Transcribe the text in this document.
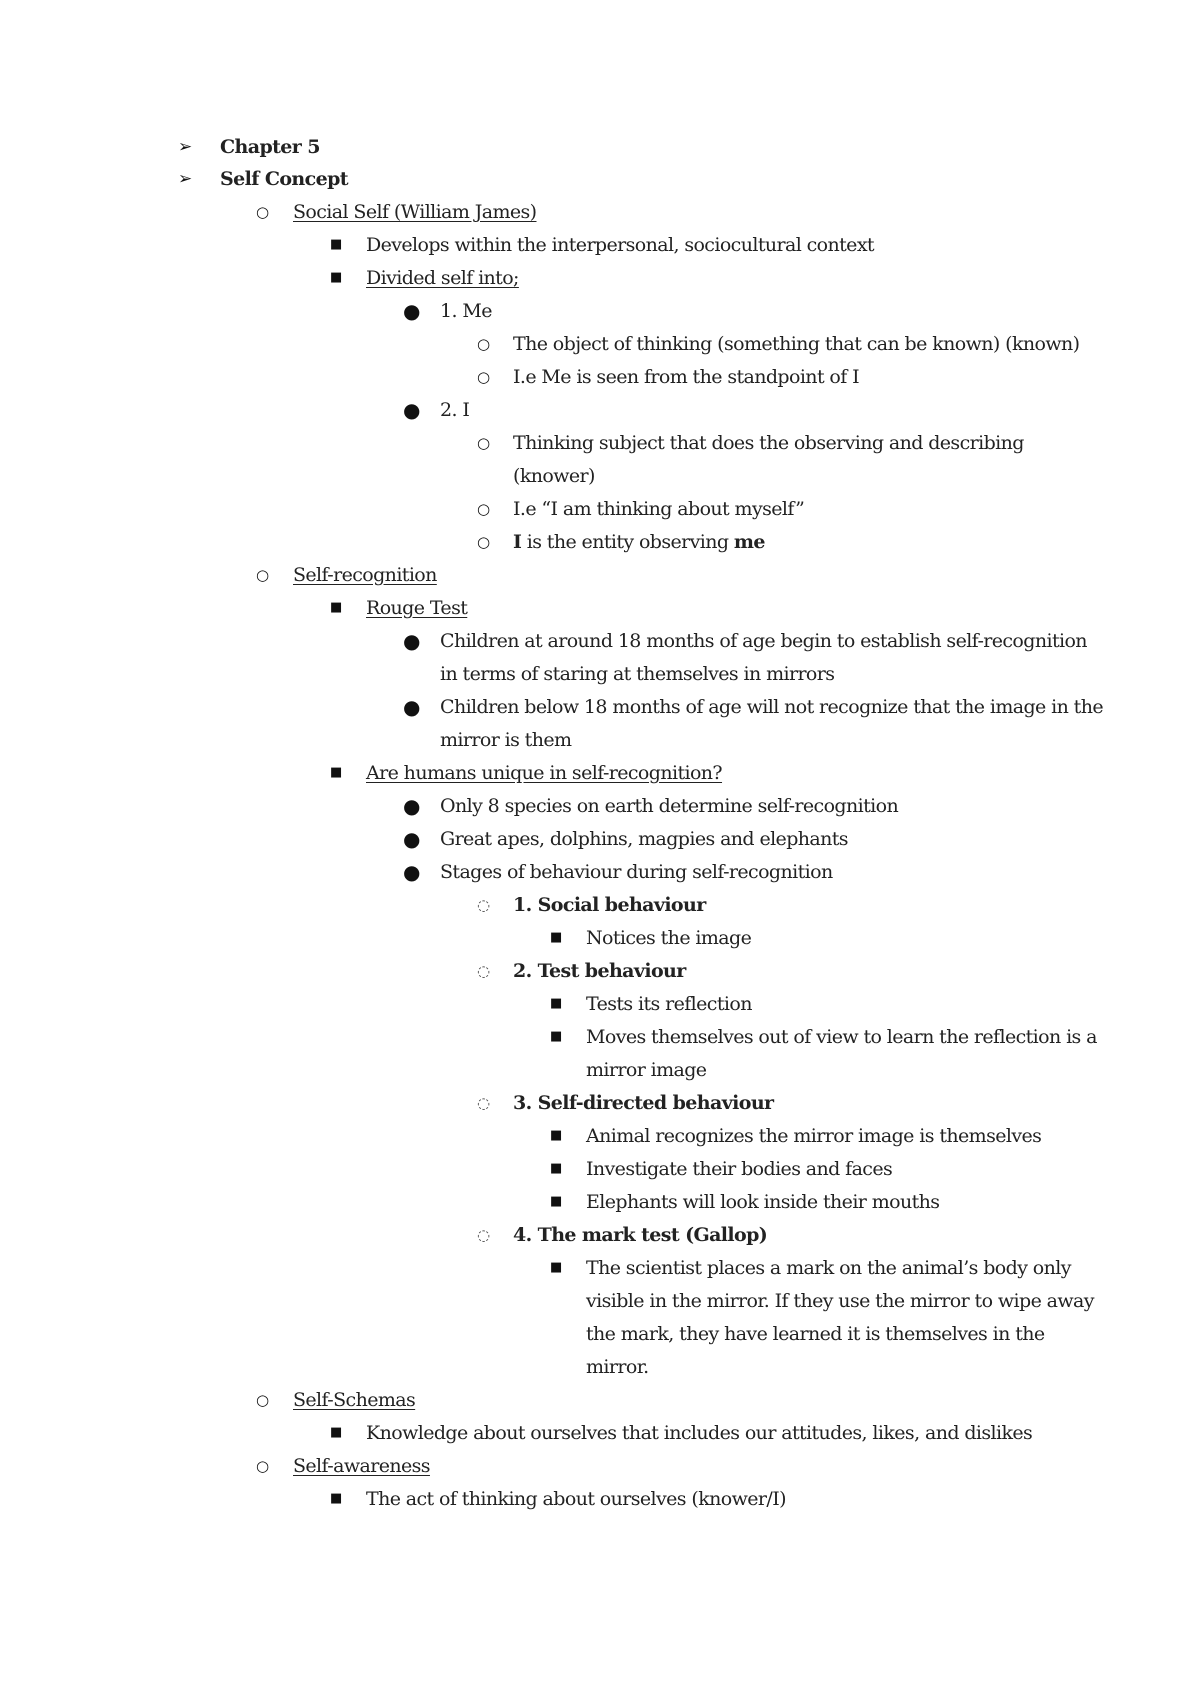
➢ Chapter 5
➢ Self Concept
○ Social Self (William James)
■ Develops within the interpersonal, sociocultural context
■ Divided self into;
● 1. Me
○ The object of thinking (something that can be known) (known)
○ I.e Me is seen from the standpoint of I
● 2. I
○ Thinking subject that does the observing and describing
(knower)
○ I.e “I am thinking about myself”
○ I is the entity observing me
○ Self-recognition
■ Rouge Test
● Children at around 18 months of age begin to establish self-recognition
in terms of staring at themselves in mirrors
● Children below 18 months of age will not recognize that the image in the
mirror is them
■ Are humans unique in self-recognition?
● Only 8 species on earth determine self-recognition
● Great apes, dolphins, magpies and elephants
● Stages of behaviour during self-recognition
◌ 1. Social behaviour
■ Notices the image
◌ 2. Test behaviour
■ Tests its reflection
■ Moves themselves out of view to learn the reflection is a
mirror image
◌ 3. Self-directed behaviour
■ Animal recognizes the mirror image is themselves
■ Investigate their bodies and faces
■ Elephants will look inside their mouths
◌ 4. The mark test (Gallop)
■ The scientist places a mark on the animal’s body only
visible in the mirror. If they use the mirror to wipe away
the mark, they have learned it is themselves in the
mirror.
○ Self-Schemas
■ Knowledge about ourselves that includes our attitudes, likes, and dislikes
○ Self-awareness
■ The act of thinking about ourselves (knower/I)
